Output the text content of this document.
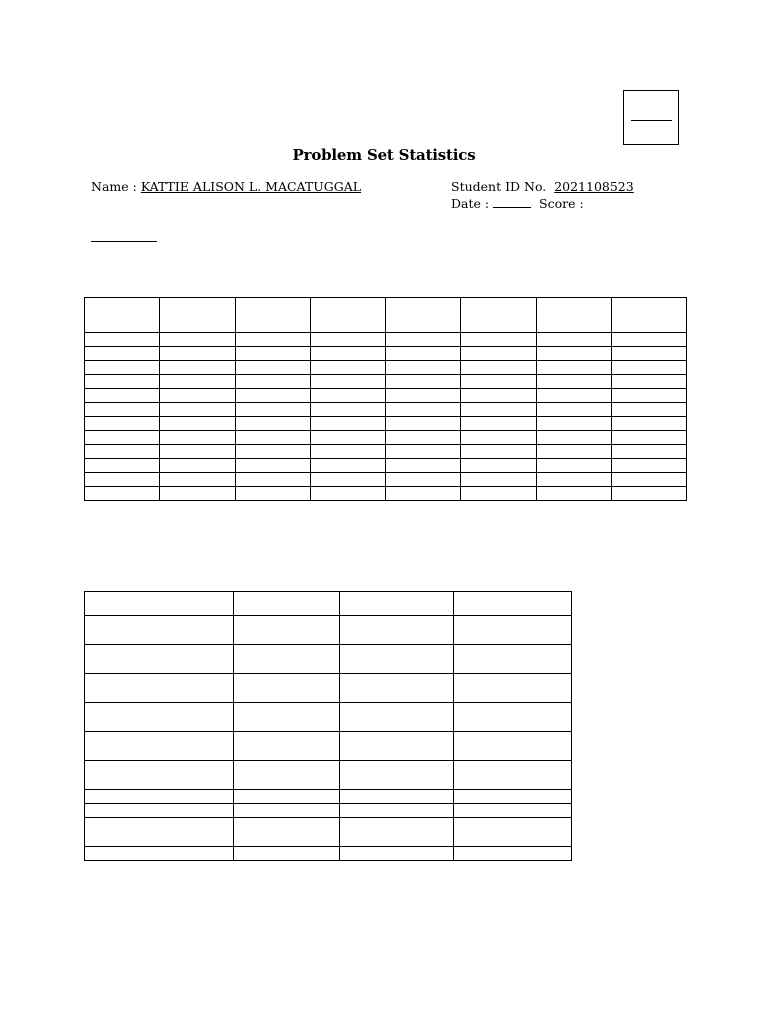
Problem Set Statistics
Name : KATTIE ALISON L. MACATUGGAL	Student ID No. 2021108523
Date :	Score :
